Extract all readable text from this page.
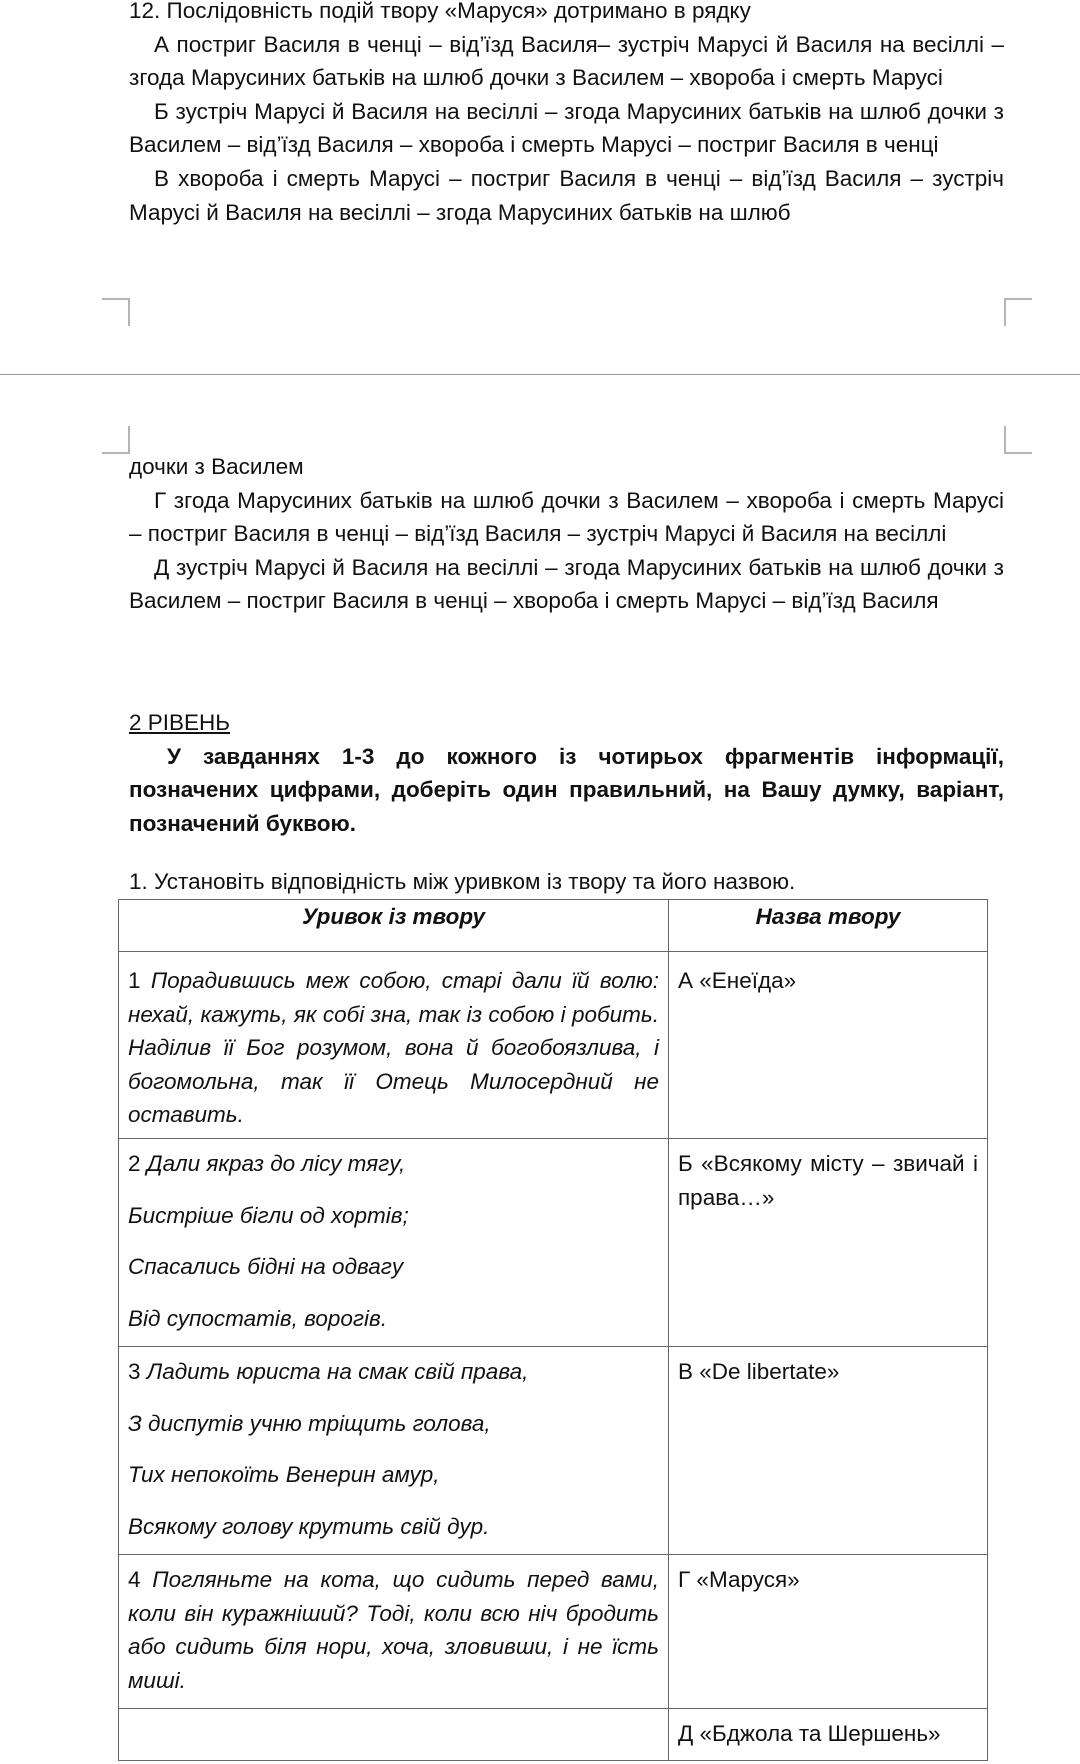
12. Послідовність подій твору «Маруся» дотримано в рядку

А постриг Василя в ченці – від’їзд Василя– зустріч Марусі й Василя на весіллі – згода Марусиних батьків на шлюб дочки з Василем – хвороба і смерть Марусі

Б зустріч Марусі й Василя на весіллі – згода Марусиних батьків на шлюб дочки з Василем – від’їзд Василя – хвороба і смерть Марусі – постриг Василя в ченці

В хвороба і смерть Марусі – постриг Василя в ченці – від’їзд Василя – зустріч Марусі й Василя на весіллі – згода Марусиних батьків на шлюб

дочки з Василем

Г згода Марусиних батьків на шлюб дочки з Василем – хвороба і смерть Марусі – постриг Василя в ченці – від’їзд Василя – зустріч Марусі й Василя на весіллі

Д зустріч Марусі й Василя на весіллі – згода Марусиних батьків на шлюб дочки з Василем – постриг Василя в ченці – хвороба і смерть Марусі – від’їзд Василя

2 РІВЕНЬ

У завданнях 1-3 до кожного із чотирьох фрагментів інформації, позначених цифрами, доберіть один правильний, на Вашу думку, варіант, позначений буквою.

1. Установіть відповідність між уривком із твору та його назвою.

Уривок із твору	Назва твору

1 Порадившись меж собою, старі дали їй волю: нехай, кажуть, як собі зна, так із собою і робить. Наділив її Бог розумом, вона й богобоязлива, і богомольна, так її Отець Милосердний не оставить.	А «Енеїда»

2 Дали якраз до лісу тягу,

Бистріше бігли од хортів;

Спасались бідні на одвагу

Від супостатів, ворогів.	Б «Всякому місту – звичай і права…»

3 Ладить юриста на смак свій права,

З диспутів учню тріщить голова,

Тих непокоїть Венерин амур,

Всякому голову крутить свій дур.	В «De libertate»

4 Погляньте на кота, що сидить перед вами, коли він куражніший? Тоді, коли всю ніч бродить або сидить біля нори, хоча, зловивши, і не їсть миші.	Г «Маруся»
	Д «Бджола та Шершень»
